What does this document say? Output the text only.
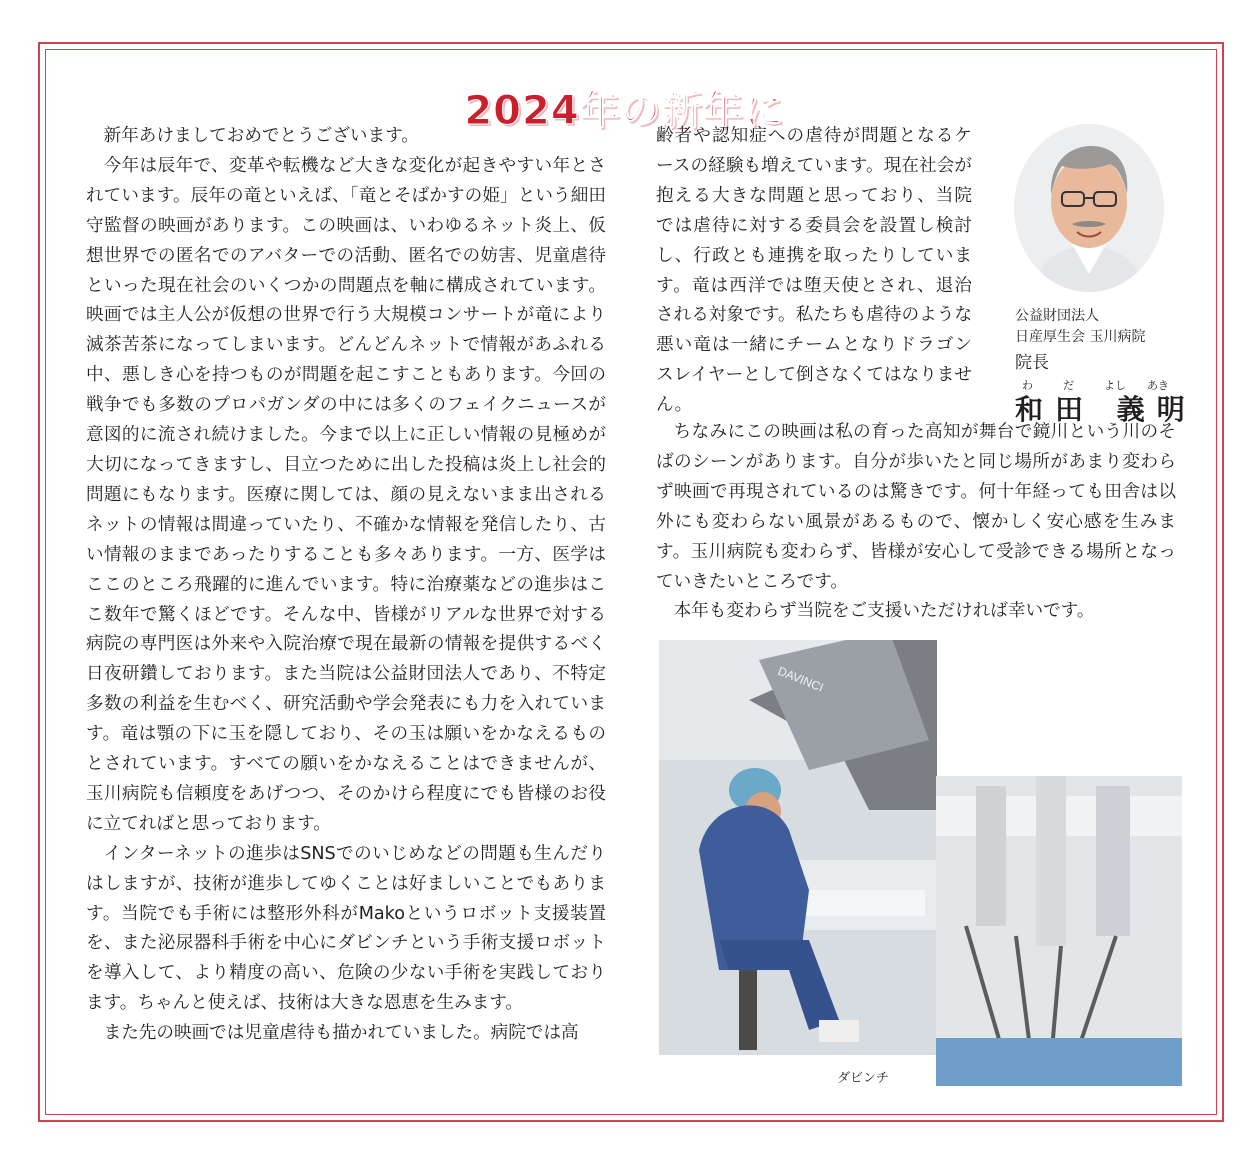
2024年の新年に

新年あけましておめでとうございます。

今年は辰年で、変革や転機など大きな変化が起きやすい年とされています。辰年の竜といえば、「竜とそばかすの姫」という細田守監督の映画があります。この映画は、いわゆるネット炎上、仮想世界での匿名でのアバターでの活動、匿名での妨害、児童虐待といった現在社会のいくつかの問題点を軸に構成されています。映画では主人公が仮想の世界で行う大規模コンサートが竜により滅茶苦茶になってしまいます。どんどんネットで情報があふれる中、悪しき心を持つものが問題を起こすこともあります。今回の戦争でも多数のプロパガンダの中には多くのフェイクニュースが意図的に流され続けました。今まで以上に正しい情報の見極めが大切になってきますし、目立つために出した投稿は炎上し社会的問題にもなります。医療に関しては、顔の見えないまま出されるネットの情報は間違っていたり、不確かな情報を発信したり、古い情報のままであったりすることも多々あります。一方、医学はここのところ飛躍的に進んでいます。特に治療薬などの進歩はここ数年で驚くほどです。そんな中、皆様がリアルな世界で対する病院の専門医は外来や入院治療で現在最新の情報を提供するべく日夜研鑽しております。また当院は公益財団法人であり、不特定多数の利益を生むべく、研究活動や学会発表にも力を入れています。竜は顎の下に玉を隠しており、その玉は願いをかなえるものとされています。すべての願いをかなえることはできませんが、玉川病院も信頼度をあげつつ、そのかけら程度にでも皆様のお役に立てればと思っております。

インターネットの進歩はSNSでのいじめなどの問題も生んだりはしますが、技術が進歩してゆくことは好ましいことでもあります。当院でも手術には整形外科がMakoというロボット支援装置を、また泌尿器科手術を中心にダビンチという手術支援ロボットを導入して、より精度の高い、危険の少ない手術を実践しております。ちゃんと使えば、技術は大きな恩恵を生みます。

また先の映画では児童虐待も描かれていました。病院では高

齢者や認知症への虐待が問題となるケースの経験も増えています。現在社会が抱える大きな問題と思っており、当院では虐待に対する委員会を設置し検討し、行政とも連携を取ったりしています。竜は西洋では堕天使とされ、退治される対象です。私たちも虐待のような悪い竜は一緒にチームとなりドラゴンスレイヤーとして倒さなくてはなりません。

ちなみにこの映画は私の育った高知が舞台で鏡川という川のそばのシーンがあります。自分が歩いたと同じ場所があまり変わらず映画で再現されているのは驚きです。何十年経っても田舎は以外にも変わらない風景があるもので、懐かしく安心感を生みます。玉川病院も変わらず、皆様が安心して受診できる場所となっていきたいところです。

本年も変わらず当院をご支援いただければ幸いです。

公益財団法人
日産厚生会 玉川病院
院長
わ	だ	よし あき
和田 義明
DAVINCI
ダビンチ
